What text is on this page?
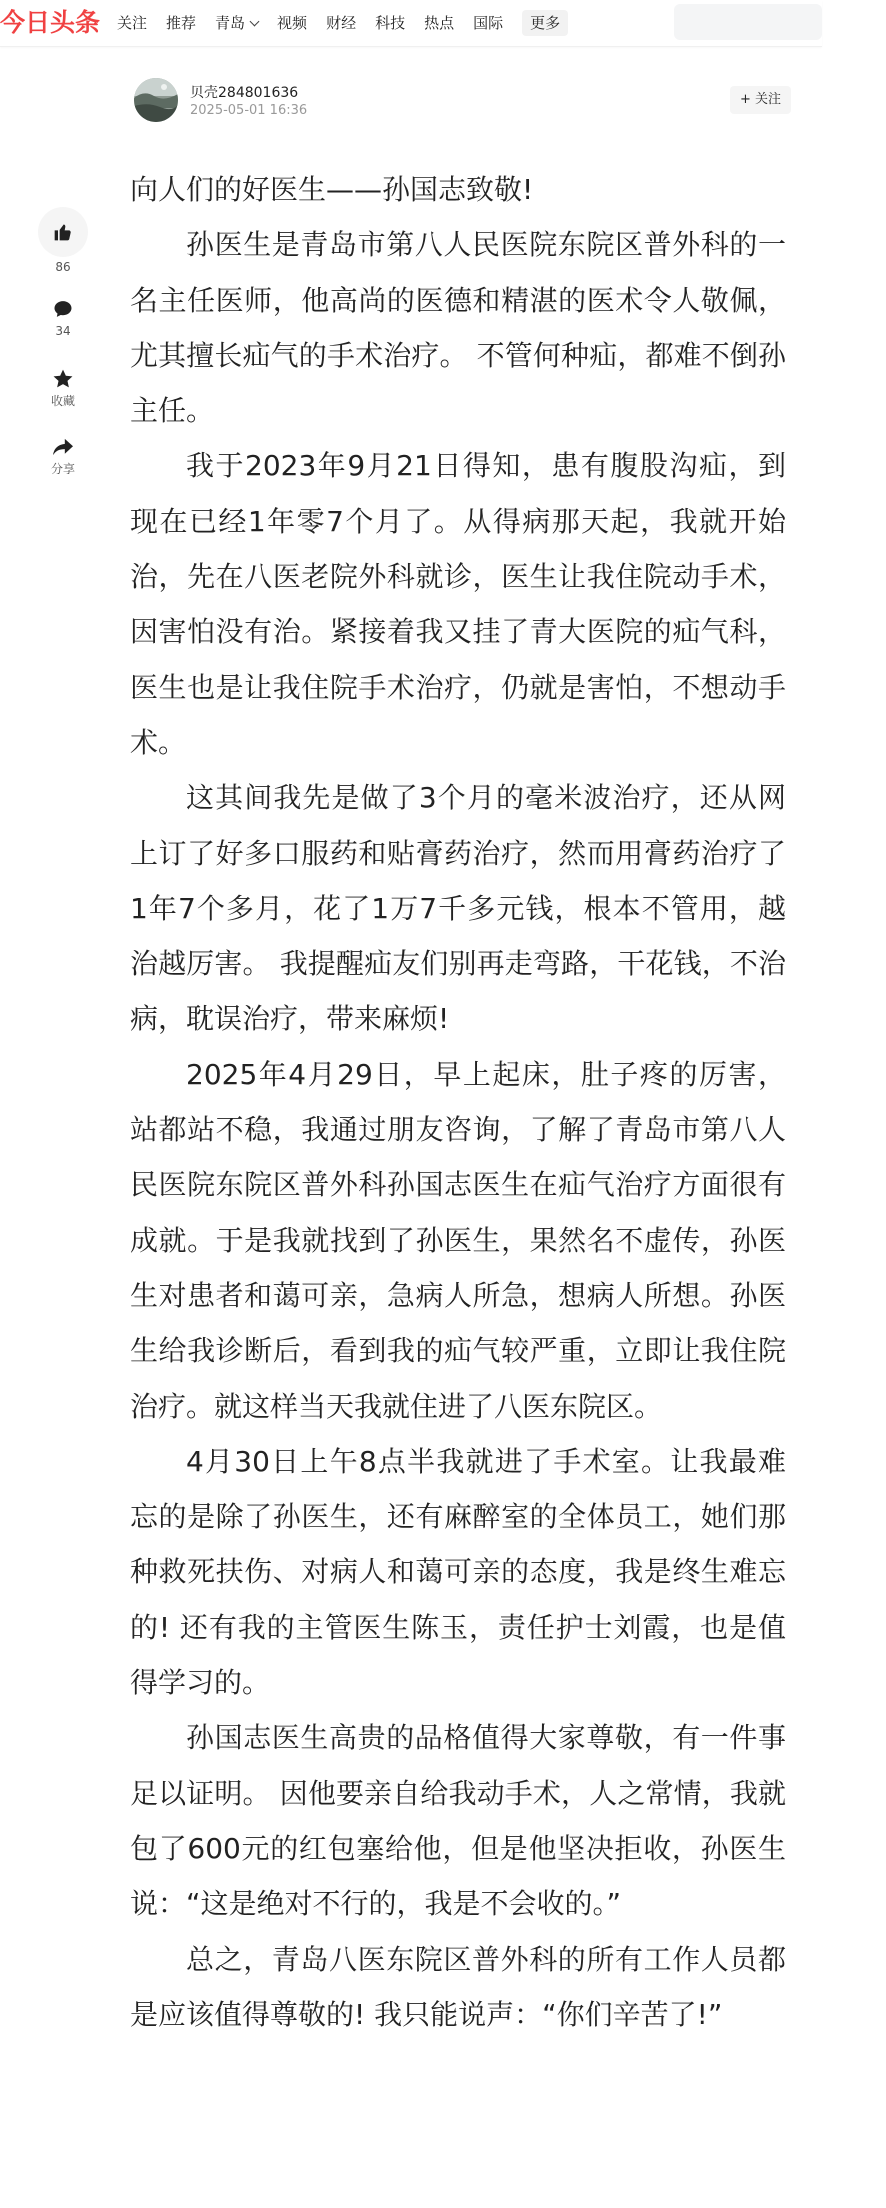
今日头条 关注 推荐 青岛 视频 财经 科技 热点 国际	更多
贝壳284801636
2025-05-01 16:36
+ 关注
86
34
收藏
分享

向人们的好医生——孙国志致敬!

孙医生是青岛市第八人民医院东院区普外科的一名主任医师，他高尚的医德和精湛的医术令人敬佩，尤其擅长疝气的手术治疗。 不管何种疝，都难不倒孙主任。

我于2023年9月21日得知，患有腹股沟疝，到现在已经1年零7个月了。从得病那天起，我就开始治，先在八医老院外科就诊，医生让我住院动手术，因害怕没有治。紧接着我又挂了青大医院的疝气科，医生也是让我住院手术治疗，仍就是害怕，不想动手术。

这其间我先是做了3个月的毫米波治疗，还从网上订了好多口服药和贴膏药治疗，然而用膏药治疗了1年7个多月，花了1万7千多元钱，根本不管用，越治越厉害。 我提醒疝友们别再走弯路，干花钱，不治病，耽误治疗，带来麻烦!

2025年4月29日，早上起床，肚子疼的厉害，站都站不稳，我通过朋友咨询，了解了青岛市第八人民医院东院区普外科孙国志医生在疝气治疗方面很有成就。于是我就找到了孙医生，果然名不虚传，孙医生对患者和蔼可亲，急病人所急，想病人所想。孙医生给我诊断后，看到我的疝气较严重，立即让我住院治疗。就这样当天我就住进了八医东院区。

4月30日上午8点半我就进了手术室。让我最难忘的是除了孙医生，还有麻醉室的全体员工，她们那种救死扶伤、对病人和蔼可亲的态度，我是终生难忘的! 还有我的主管医生陈玉，责任护士刘霞，也是值得学习的。

孙国志医生高贵的品格值得大家尊敬，有一件事足以证明。 因他要亲自给我动手术，人之常情，我就包了600元的红包塞给他，但是他坚决拒收，孙医生说：“这是绝对不行的，我是不会收的。”

总之，青岛八医东院区普外科的所有工作人员都是应该值得尊敬的! 我只能说声：“你们辛苦了!”
